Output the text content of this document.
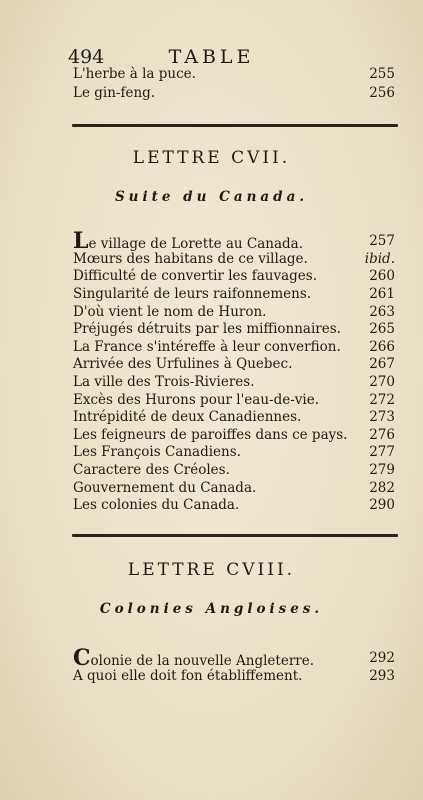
494	TABLE
L'herbe à la puce.	255
Le gin-feng.	256
LETTRE CVII.
Suite du Canada.
Le village de Lorette au Canada.	257
Mœurs des habitans de ce village.	ibid.
Difficulté de convertir les fauvages.	260
Singularité de leurs raifonnemens.	261
D'où vient le nom de Huron.	263
Préjugés détruits par les miffionnaires. 265
La France s'intéreffe à leur converfion. 266
Arrivée des Urfulines à Quebec.	267
La ville des Trois-Rivieres.	270
Excès des Hurons pour l'eau-de-vie.	272
Intrépidité de deux Canadiennes.	273
Les feigneurs de paroiffes dans ce pays. 276
Les François Canadiens.	277
Caractere des Créoles.	279
Gouvernement du Canada.	282
Les colonies du Canada.	290
LETTRE CVIII.
Colonies Angloises.
Colonie de la nouvelle Angleterre.	292
A quoi elle doit fon établiffement.	293
